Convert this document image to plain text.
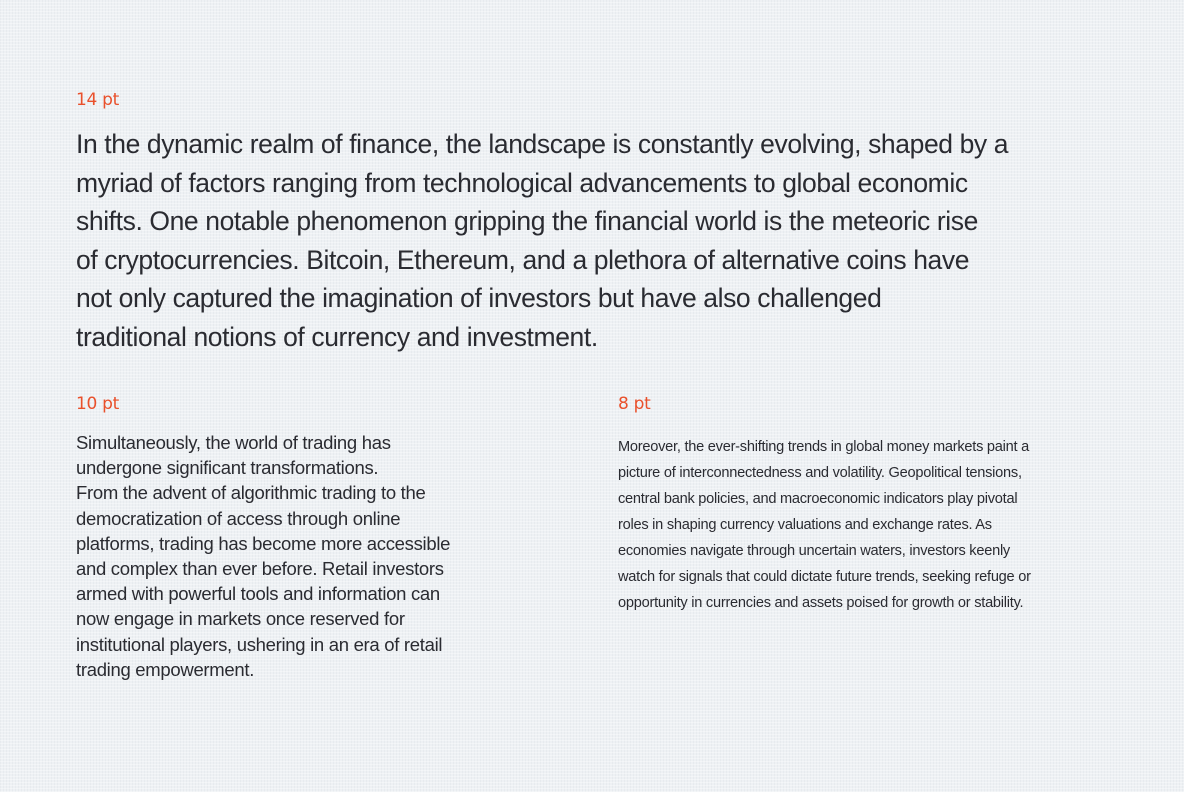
14 pt

In the dynamic realm of finance, the landscape is constantly evolving, shaped by a
myriad of factors ranging from technological advancements to global economic
shifts. One notable phenomenon gripping the financial world is the meteoric rise
of cryptocurrencies. Bitcoin, Ethereum, and a plethora of alternative coins have
not only captured the imagination of investors but have also challenged
traditional notions of currency and investment.

10 pt

Simultaneously, the world of trading has
undergone significant transformations.
From the advent of algorithmic trading to the
democratization of access through online
platforms, trading has become more accessible
and complex than ever before. Retail investors
armed with powerful tools and information can
now engage in markets once reserved for
institutional players, ushering in an era of retail
trading empowerment.

8 pt

Moreover, the ever-shifting trends in global money markets paint a
picture of interconnectedness and volatility. Geopolitical tensions,
central bank policies, and macroeconomic indicators play pivotal
roles in shaping currency valuations and exchange rates. As
economies navigate through uncertain waters, investors keenly
watch for signals that could dictate future trends, seeking refuge or
opportunity in currencies and assets poised for growth or stability.
